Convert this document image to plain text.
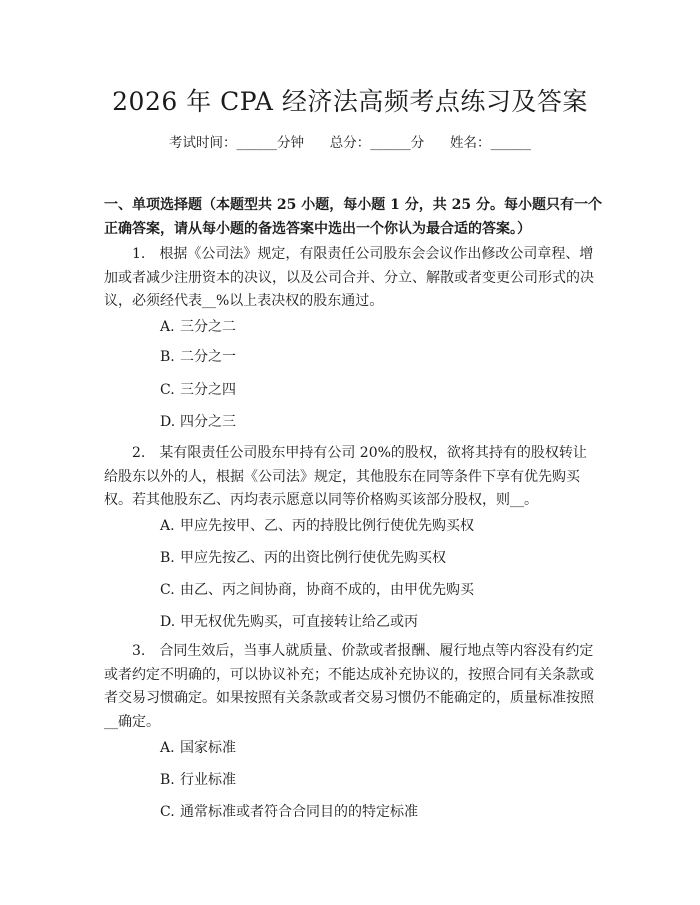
2026 年 CPA 经济法高频考点练习及答案
考试时间：______分钟 总分：______分 姓名：______

一、单项选择题（本题型共 25 小题，每小题 1 分，共 25 分。每小题只有一个正确答案，请从每小题的备选答案中选出一个你认为最合适的答案。）

1. 根据《公司法》规定，有限责任公司股东会会议作出修改公司章程、增加或者减少注册资本的决议，以及公司合并、分立、解散或者变更公司形式的决议，必须经代表__%以上表决权的股东通过。

A. 三分之二
B. 二分之一
C. 三分之四
D. 四分之三

2. 某有限责任公司股东甲持有公司 20%的股权，欲将其持有的股权转让给股东以外的人，根据《公司法》规定，其他股东在同等条件下享有优先购买权。若其他股东乙、丙均表示愿意以同等价格购买该部分股权，则__。

A. 甲应先按甲、乙、丙的持股比例行使优先购买权
B. 甲应先按乙、丙的出资比例行使优先购买权
C. 由乙、丙之间协商，协商不成的，由甲优先购买
D. 甲无权优先购买，可直接转让给乙或丙

3. 合同生效后，当事人就质量、价款或者报酬、履行地点等内容没有约定或者约定不明确的，可以协议补充；不能达成补充协议的，按照合同有关条款或者交易习惯确定。如果按照有关条款或者交易习惯仍不能确定的，质量标准按照__确定。

A. 国家标准
B. 行业标准
C. 通常标准或者符合合同目的的特定标准
